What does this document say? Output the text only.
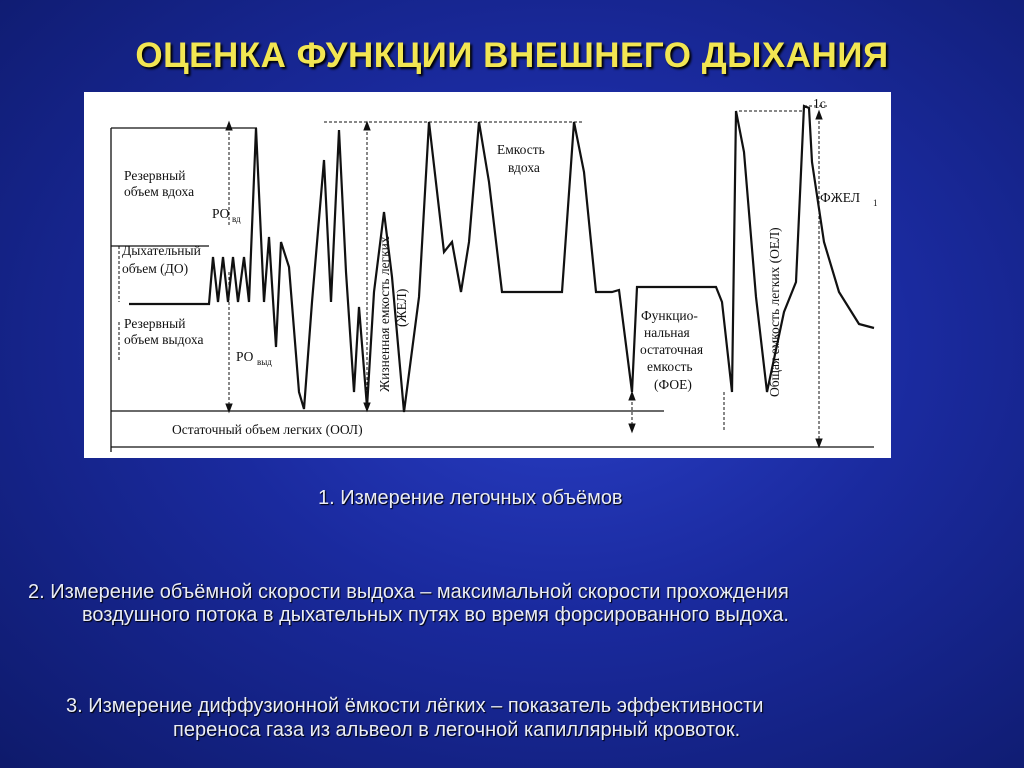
ОЦЕНКА ФУНКЦИИ ВНЕШНЕГО ДЫХАНИЯ
Резервный
объем вдоха
РО вд
Дыхательный
объем (ДО)
Резервный
объем выдоха
РО выд	Жизненная емкость легких (ЖЕЛ)
Остаточный объем легких (ООЛ)
Емкость
вдоха
Функцио-
нальная
остаточная
емкость
(ФОЕ)	Общая емкость легких (ОЕЛ)
1с
ФЖЕЛ 1
1. Измерение легочных объёмов
2. Измерение объёмной скорости выдоха – максимальной скорости прохождения
воздушного потока в дыхательных путях во время форсированного выдоха.
3. Измерение диффузионной ёмкости лёгких – показатель эффективности
переноса газа из альвеол в легочной капиллярный кровоток.
